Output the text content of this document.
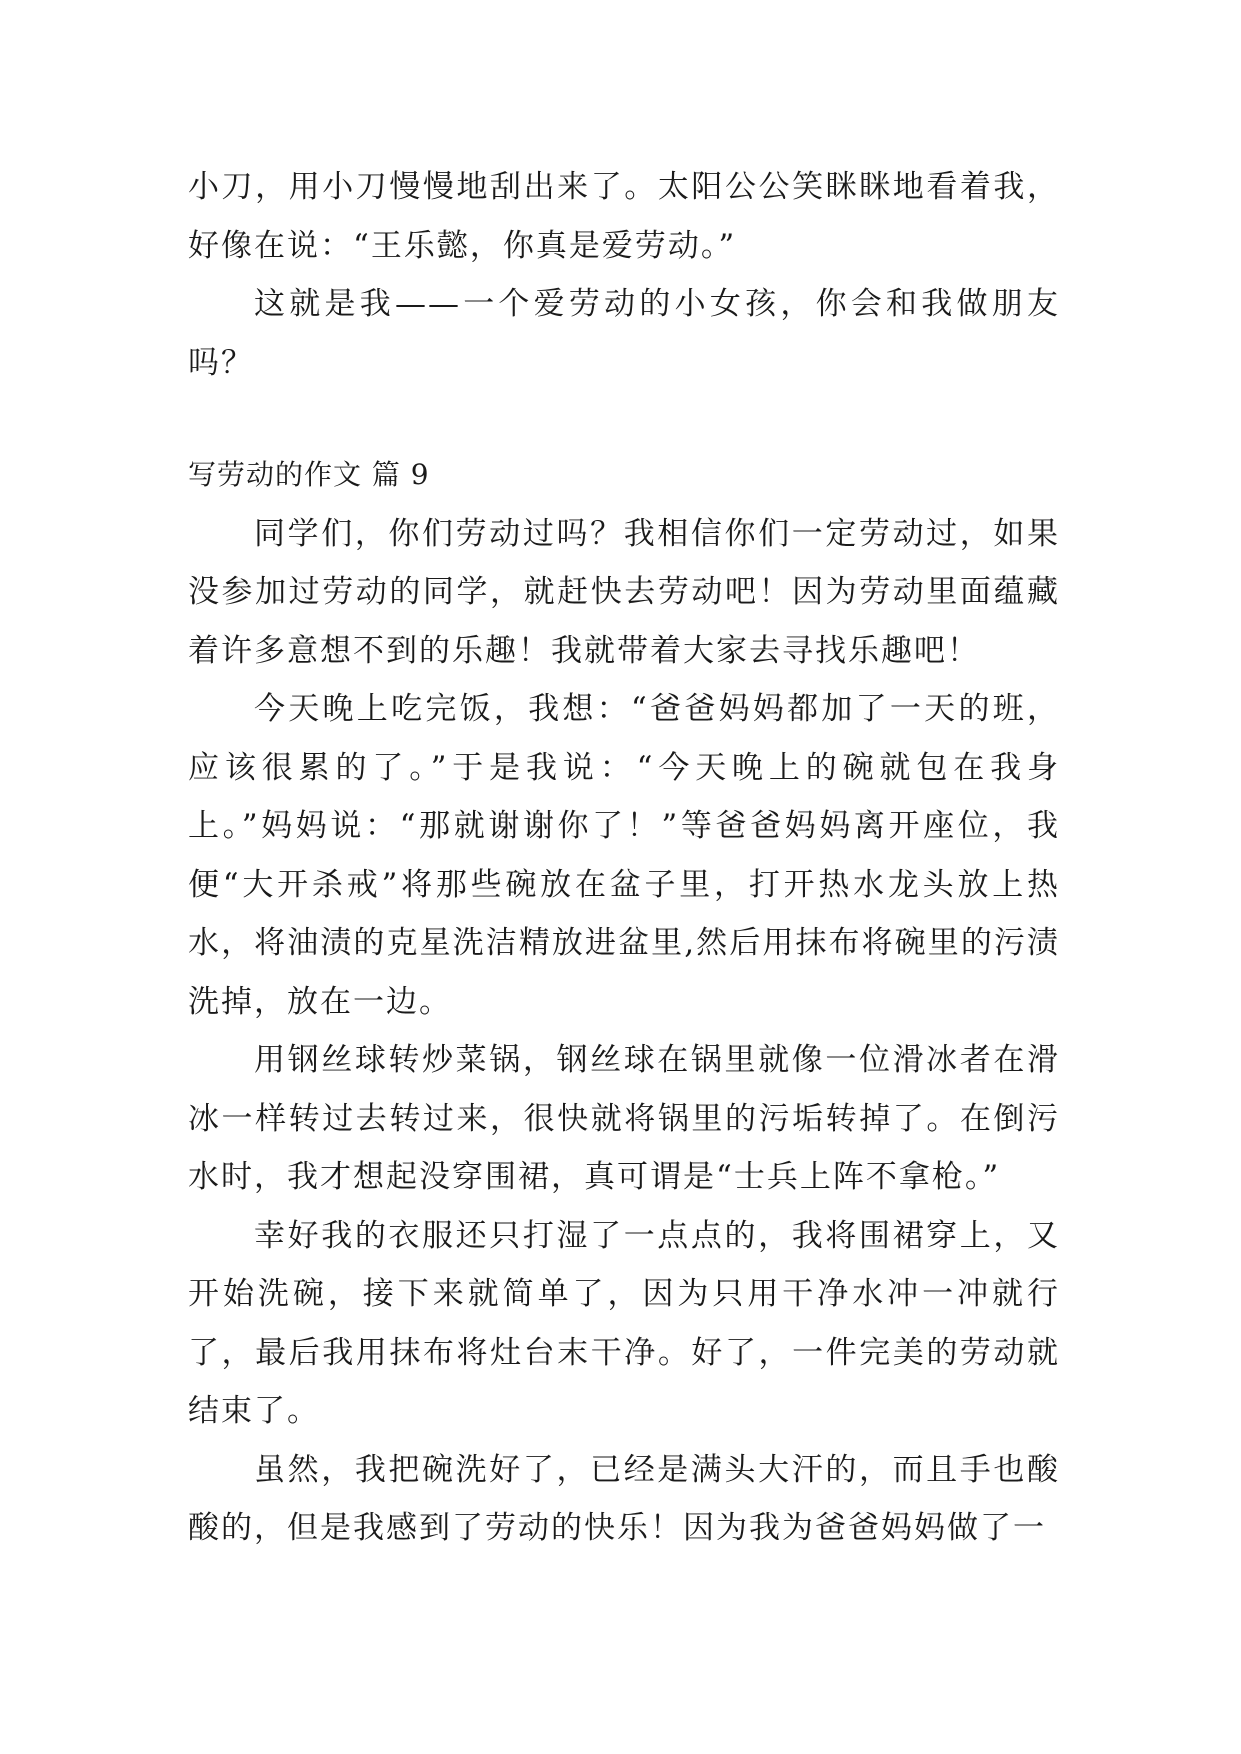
小刀，用小刀慢慢地刮出来了。太阳公公笑眯眯地看着我，好像在说：“王乐懿，你真是爱劳动。”

这就是我——一个爱劳动的小女孩，你会和我做朋友吗？

写劳动的作文 篇 9

同学们，你们劳动过吗？我相信你们一定劳动过，如果没参加过劳动的同学，就赶快去劳动吧！因为劳动里面蕴藏着许多意想不到的乐趣！我就带着大家去寻找乐趣吧！

今天晚上吃完饭，我想：“爸爸妈妈都加了一天的班，应该很累的了。”于是我说：“今天晚上的碗就包在我身上。”妈妈说：“那就谢谢你了！”等爸爸妈妈离开座位，我便“大开杀戒”将那些碗放在盆子里，打开热水龙头放上热水，将油渍的克星洗洁精放进盆里,然后用抹布将碗里的污渍洗掉，放在一边。

用钢丝球转炒菜锅，钢丝球在锅里就像一位滑冰者在滑冰一样转过去转过来，很快就将锅里的污垢转掉了。在倒污水时，我才想起没穿围裙，真可谓是“士兵上阵不拿枪。”

幸好我的衣服还只打湿了一点点的，我将围裙穿上，又开始洗碗，接下来就简单了，因为只用干净水冲一冲就行了，最后我用抹布将灶台末干净。好了，一件完美的劳动就结束了。

虽然，我把碗洗好了，已经是满头大汗的，而且手也酸酸的，但是我感到了劳动的快乐！因为我为爸爸妈妈做了一
